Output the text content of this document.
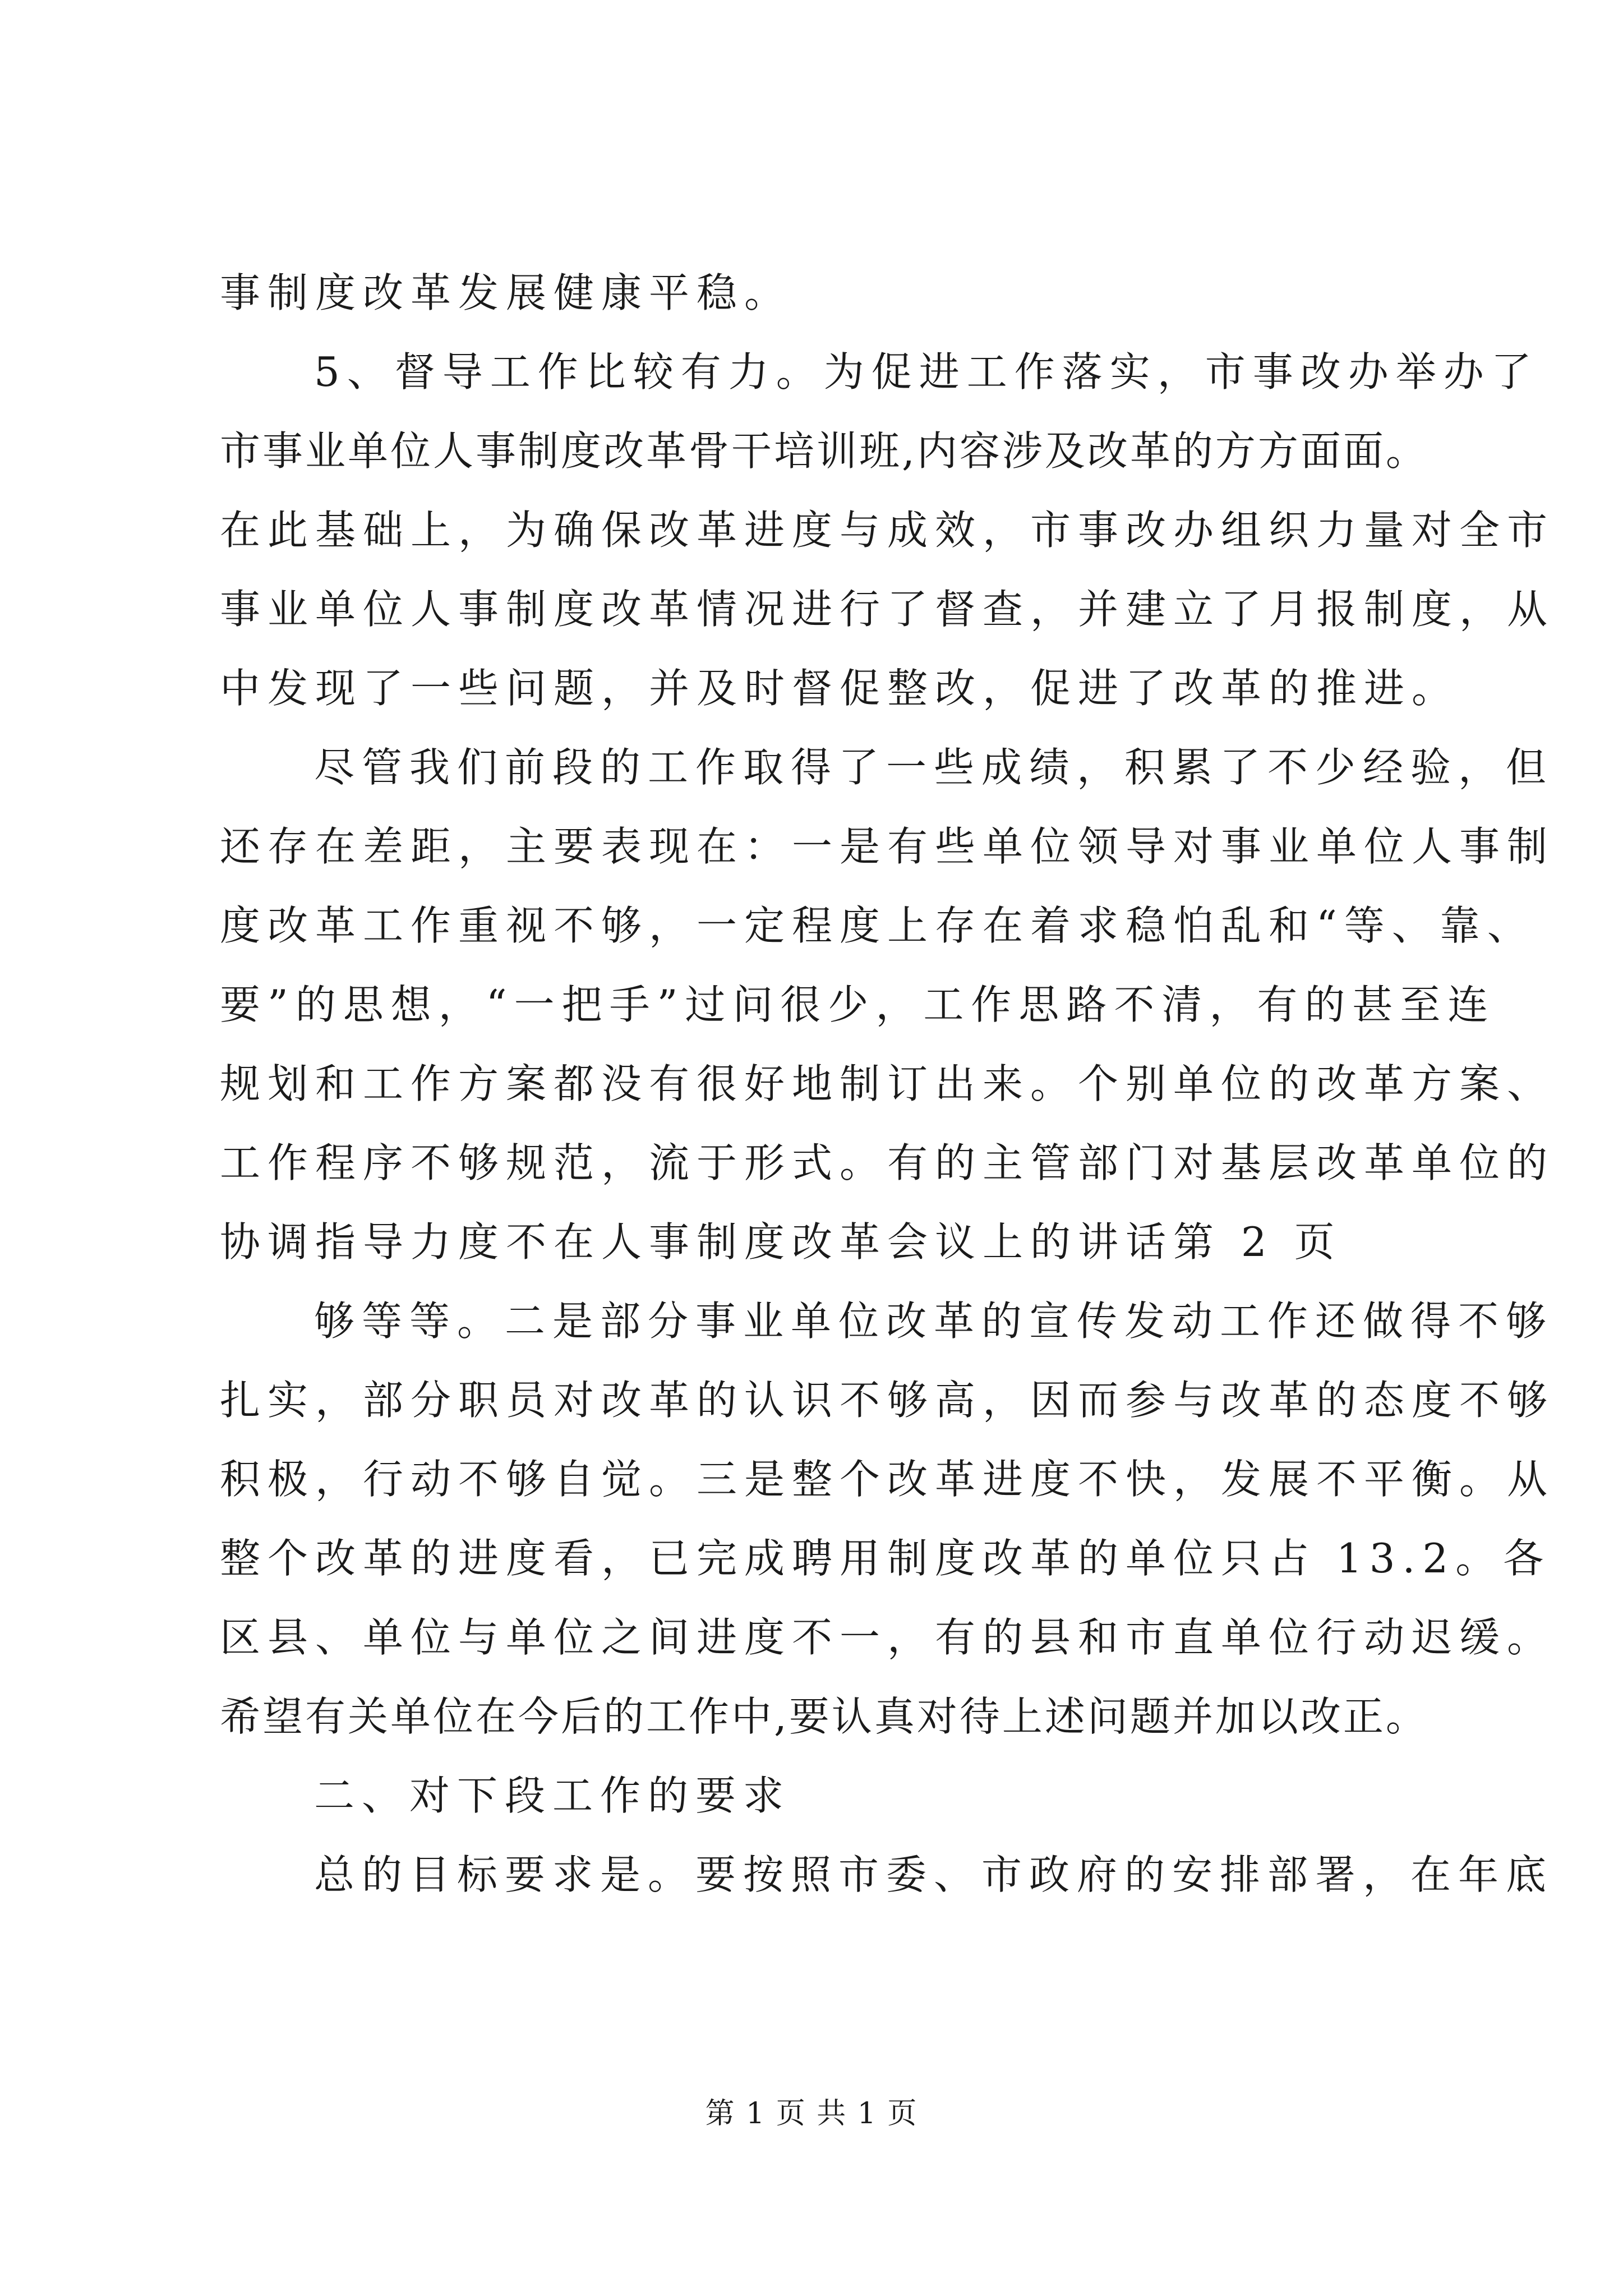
事制度改革发展健康平稳。
5、督导工作比较有力。为促进工作落实，市事改办举办了
市事业单位人事制度改革骨干培训班,内容涉及改革的方方面面。
在此基础上，为确保改革进度与成效，市事改办组织力量对全市
事业单位人事制度改革情况进行了督查，并建立了月报制度，从
中发现了一些问题，并及时督促整改，促进了改革的推进。
尽管我们前段的工作取得了一些成绩，积累了不少经验，但
还存在差距，主要表现在：一是有些单位领导对事业单位人事制
度改革工作重视不够，一定程度上存在着求稳怕乱和“等、靠、
要”的思想，“一把手”过问很少，工作思路不清，有的甚至连
规划和工作方案都没有很好地制订出来。个别单位的改革方案、
工作程序不够规范，流于形式。有的主管部门对基层改革单位的
协调指导力度不在人事制度改革会议上的讲话第 2 页
够等等。二是部分事业单位改革的宣传发动工作还做得不够
扎实，部分职员对改革的认识不够高，因而参与改革的态度不够
积极，行动不够自觉。三是整个改革进度不快，发展不平衡。从
整个改革的进度看，已完成聘用制度改革的单位只占 13.2。各
区县、单位与单位之间进度不一，有的县和市直单位行动迟缓。
希望有关单位在今后的工作中,要认真对待上述问题并加以改正。
二、对下段工作的要求
总的目标要求是。要按照市委、市政府的安排部署，在年底
第 1 页 共 1 页
